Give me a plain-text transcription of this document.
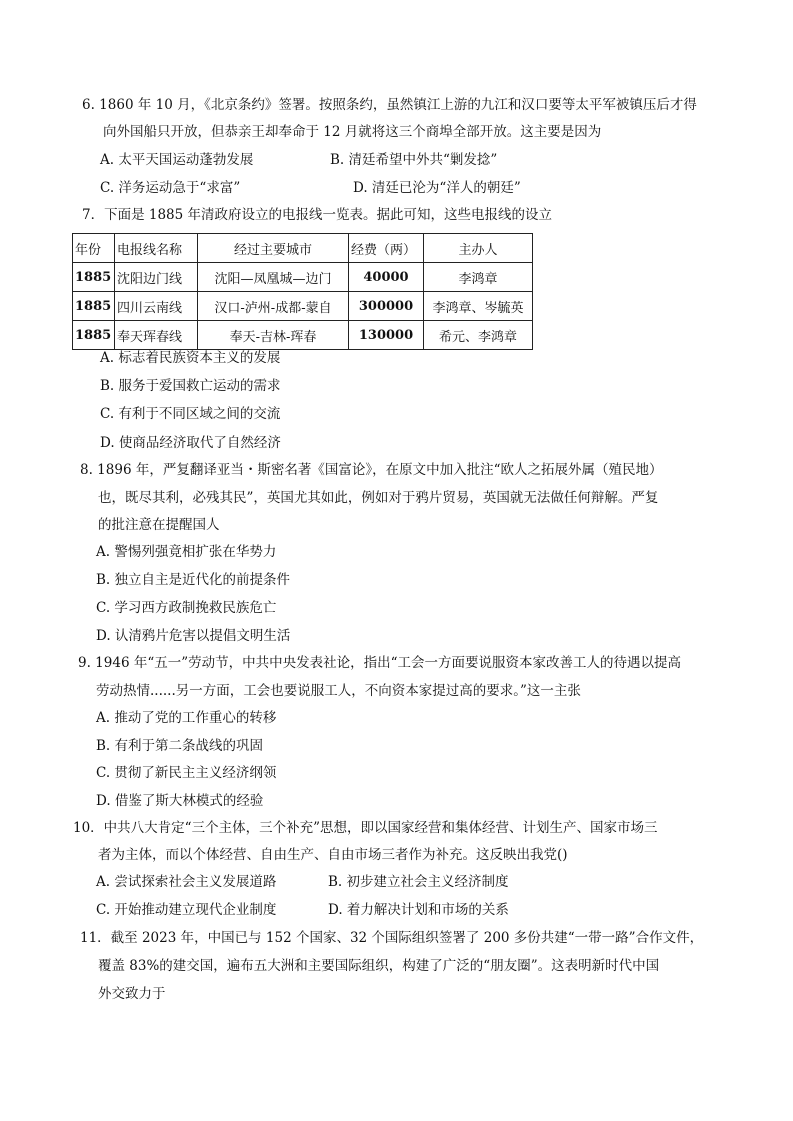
6. 1860 年 10 月，《北京条约》签署。按照条约，虽然镇江上游的九江和汉口要等太平军被镇压后才得
向外国船只开放，但恭亲王却奉命于 12 月就将这三个商埠全部开放。这主要是因为
A. 太平天国运动蓬勃发展	B. 清廷希望中外共“剿发捻”
C. 洋务运动急于“求富”	D. 清廷已沦为“洋人的朝廷”
7．下面是 1885 年清政府设立的电报线一览表。据此可知，这些电报线的设立
年份	电报线名称	经过主要城市	经费（两）	主办人
1885	沈阳边门线	沈阳—凤凰城—边门	40000	李鸿章
1885	四川云南线	汉口-泸州-成都-蒙自	300000	李鸿章、岑毓英
1885	奉天珲春线	奉天-吉林-珲春	130000	希元、李鸿章
A. 标志着民族资本主义的发展
B. 服务于爱国救亡运动的需求
C. 有利于不同区域之间的交流
D. 使商品经济取代了自然经济
8. 1896 年，严复翻译亚当・斯密名著《国富论》，在原文中加入批注“欧人之拓展外属（殖民地）
也，既尽其利，必残其民”，英国尤其如此，例如对于鸦片贸易，英国就无法做任何辩解。严复
的批注意在提醒国人
A. 警惕列强竟相扩张在华势力
B. 独立自主是近代化的前提条件
C. 学习西方政制挽救民族危亡
D. 认清鸦片危害以提倡文明生活
9. 1946 年“五一”劳动节，中共中央发表社论，指出“工会一方面要说服资本家改善工人的待遇以提高
劳动热情......另一方面，工会也要说服工人，不向资本家提过高的要求。”这一主张
A. 推动了党的工作重心的转移
B. 有利于第二条战线的巩固
C. 贯彻了新民主主义经济纲领
D. 借鉴了斯大林模式的经验
10．中共八大肯定“三个主体，三个补充”思想，即以国家经营和集体经营、计划生产、国家市场三
者为主体，而以个体经营、自由生产、自由市场三者作为补充。这反映出我党()
A. 尝试探索社会主义发展道路	B. 初步建立社会主义经济制度
C. 开始推动建立现代企业制度	D. 着力解决计划和市场的关系
11．截至 2023 年，中国已与 152 个国家、32 个国际组织签署了 200 多份共建“一带一路”合作文件，
覆盖 83%的建交国，遍布五大洲和主要国际组织，构建了广泛的“朋友圈”。这表明新时代中国
外交致力于
